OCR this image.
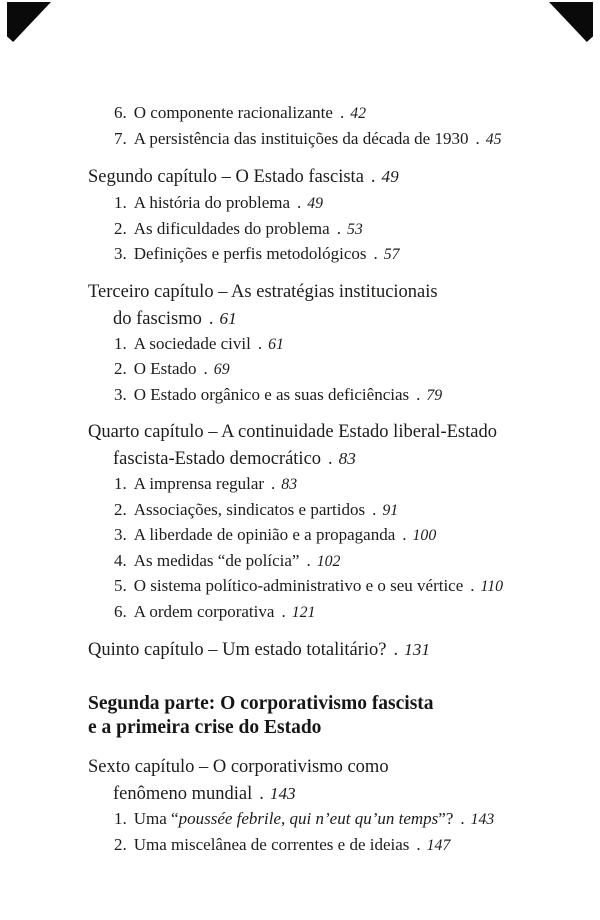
6. O componente racionalizante . 42
7. A persistência das instituições da década de 1930 . 45
Segundo capítulo – O Estado fascista . 49
1. A história do problema . 49
2. As dificuldades do problema . 53
3. Definições e perfis metodológicos . 57
Terceiro capítulo – As estratégias institucionais
do fascismo . 61
1. A sociedade civil . 61
2. O Estado . 69
3. O Estado orgânico e as suas deficiências . 79
Quarto capítulo – A continuidade Estado liberal-Estado
fascista-Estado democrático . 83
1. A imprensa regular . 83
2. Associações, sindicatos e partidos . 91
3. A liberdade de opinião e a propaganda . 100
4. As medidas “de polícia” . 102
5. O sistema político-administrativo e o seu vértice . 110
6. A ordem corporativa . 121
Quinto capítulo – Um estado totalitário? . 131
Segunda parte: O corporativismo fascista
e a primeira crise do Estado
Sexto capítulo – O corporativismo como
fenômeno mundial . 143
1. Uma “poussée febrile, qui n’eut qu’un temps”? . 143
2. Uma miscelânea de correntes e de ideias . 147
